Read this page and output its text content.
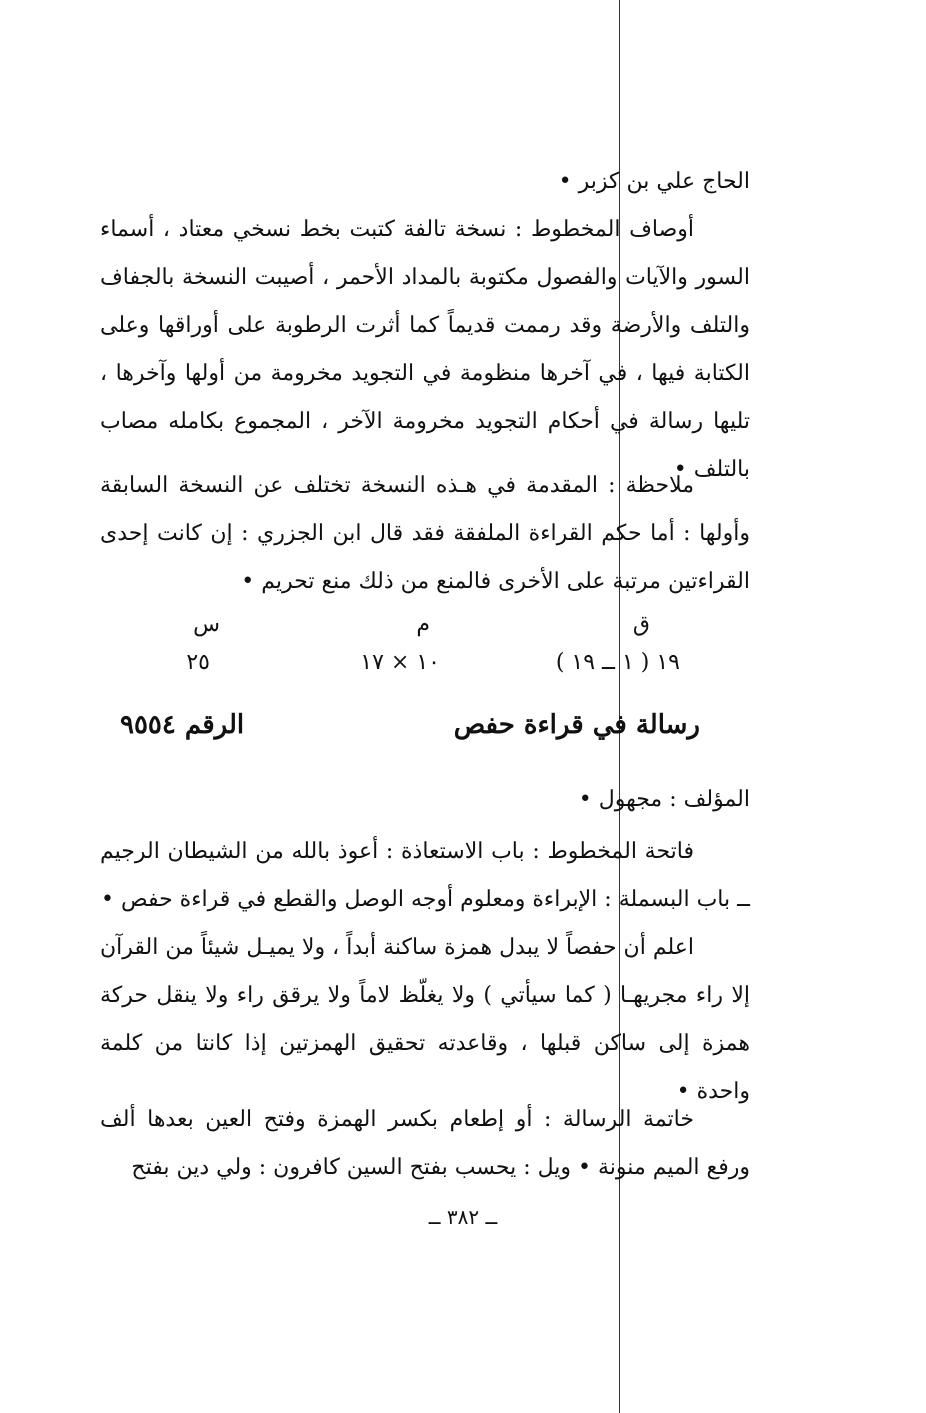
الحاج علي بن كزبر •

أوصاف المخطوط : نسخة تالفة كتبت بخط نسخي معتاد ، أسماء السور والآيات والفصول مكتوبة بالمداد الأحمر ، أصيبت النسخة بالجفاف والتلف والأرضة وقد رممت قديماً كما أثرت الرطوبة على أوراقها وعلى الكتابة فيها ، في آخرها منظومة في التجويد مخرومة من أولها وآخرها ، تليها رسالة في أحكام التجويد مخرومة الآخر ، المجموع بكامله مصاب بالتلف •

ملاحظة : المقدمة في هـذه النسخة تختلف عن النسخة السابقة وأولها : أما حكم القراءة الملفقة فقد قال ابن الجزري : إن كانت إحدى القراءتين مرتبة على الأخرى فالمنع من ذلك منع تحريم •

ق
م
س
١٩ ( ١ ــ ١٩ )
١٠ × ١٧
٢٥
رسالة في قراءة حفص
الرقم ٩٥٥٤
المؤلف : مجهول •

فاتحة المخطوط : باب الاستعاذة : أعوذ بالله من الشيطان الرجيم ــ باب البسملة : الإبراءة ومعلوم أوجه الوصل والقطع في قراءة حفص •

اعلم أن حفصاً لا يبدل همزة ساكنة أبداً ، ولا يميـل شيئاً من القرآن إلا راء مجريهـا ( كما سيأتي ) ولا يغلّظ لاماً ولا يرقق راء ولا ينقل حركة همزة إلى ساكن قبلها ، وقاعدته تحقيق الهمزتين إذا كانتا من كلمة واحدة •

خاتمة الرسالة : أو إطعام بكسر الهمزة وفتح العين بعدها ألف ورفع الميم منونة • ويل : يحسب بفتح السين كافرون : ولي دين بفتح

ــ ٣٨٢ ــ
